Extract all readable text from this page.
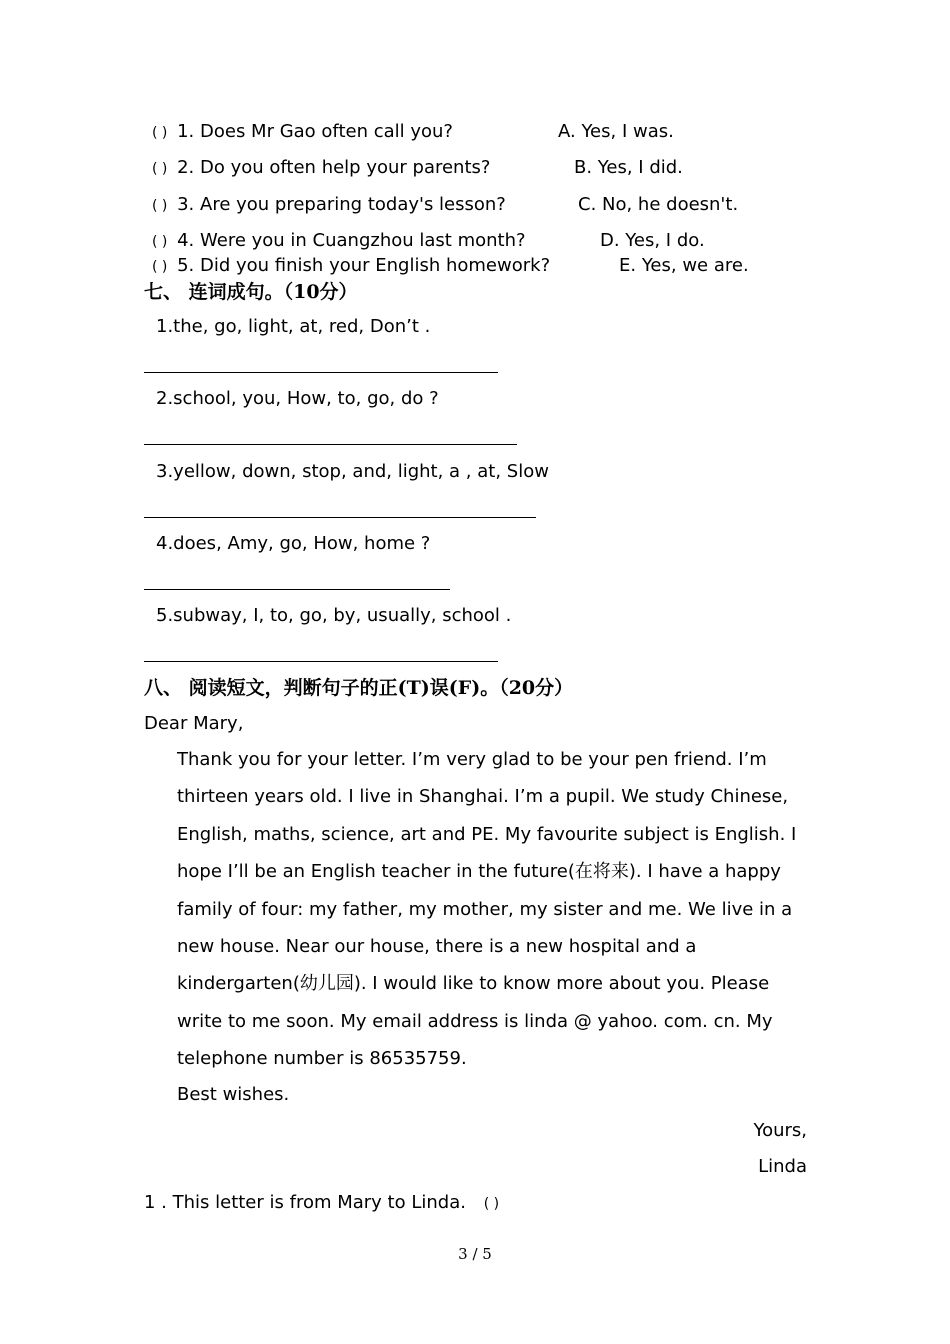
( ) 1. Does Mr Gao often call you?	A. Yes, I was.
( ) 2. Do you often help your parents?	B. Yes, I did.
( ) 3. Are you preparing today's lesson?	C. No, he doesn't.
( ) 4. Were you in Cuangzhou last month?	D. Yes, I do.
( ) 5. Did you finish your English homework?	E. Yes, we are.
七、 连词成句。（10分）
1.the, go, light, at, red, Don’t .
2.school, you, How, to, go, do ?
3.yellow, down, stop, and, light, a , at, Slow
4.does, Amy, go, How, home ?
5.subway, I, to, go, by, usually, school .
八、 阅读短文，判断句子的正(T)误(F)。（20分）
Dear Mary,

Thank you for your letter. I’m very glad to be your pen friend. I’m thirteen years old. I live in Shanghai. I’m a pupil. We study Chinese, English, maths, science, art and PE. My favourite subject is English. I hope I’ll be an English teacher in the future(在将来). I have a happy family of four: my father, my mother, my sister and me. We live in a new house. Near our house, there is a new hospital and a kindergarten(幼儿园). I would like to know more about you. Please write to me soon. My email address is linda @ yahoo. com. cn. My telephone number is 86535759.

Best wishes.
Yours,
Linda
1 . This letter is from Mary to Linda. ( )
3 / 5
